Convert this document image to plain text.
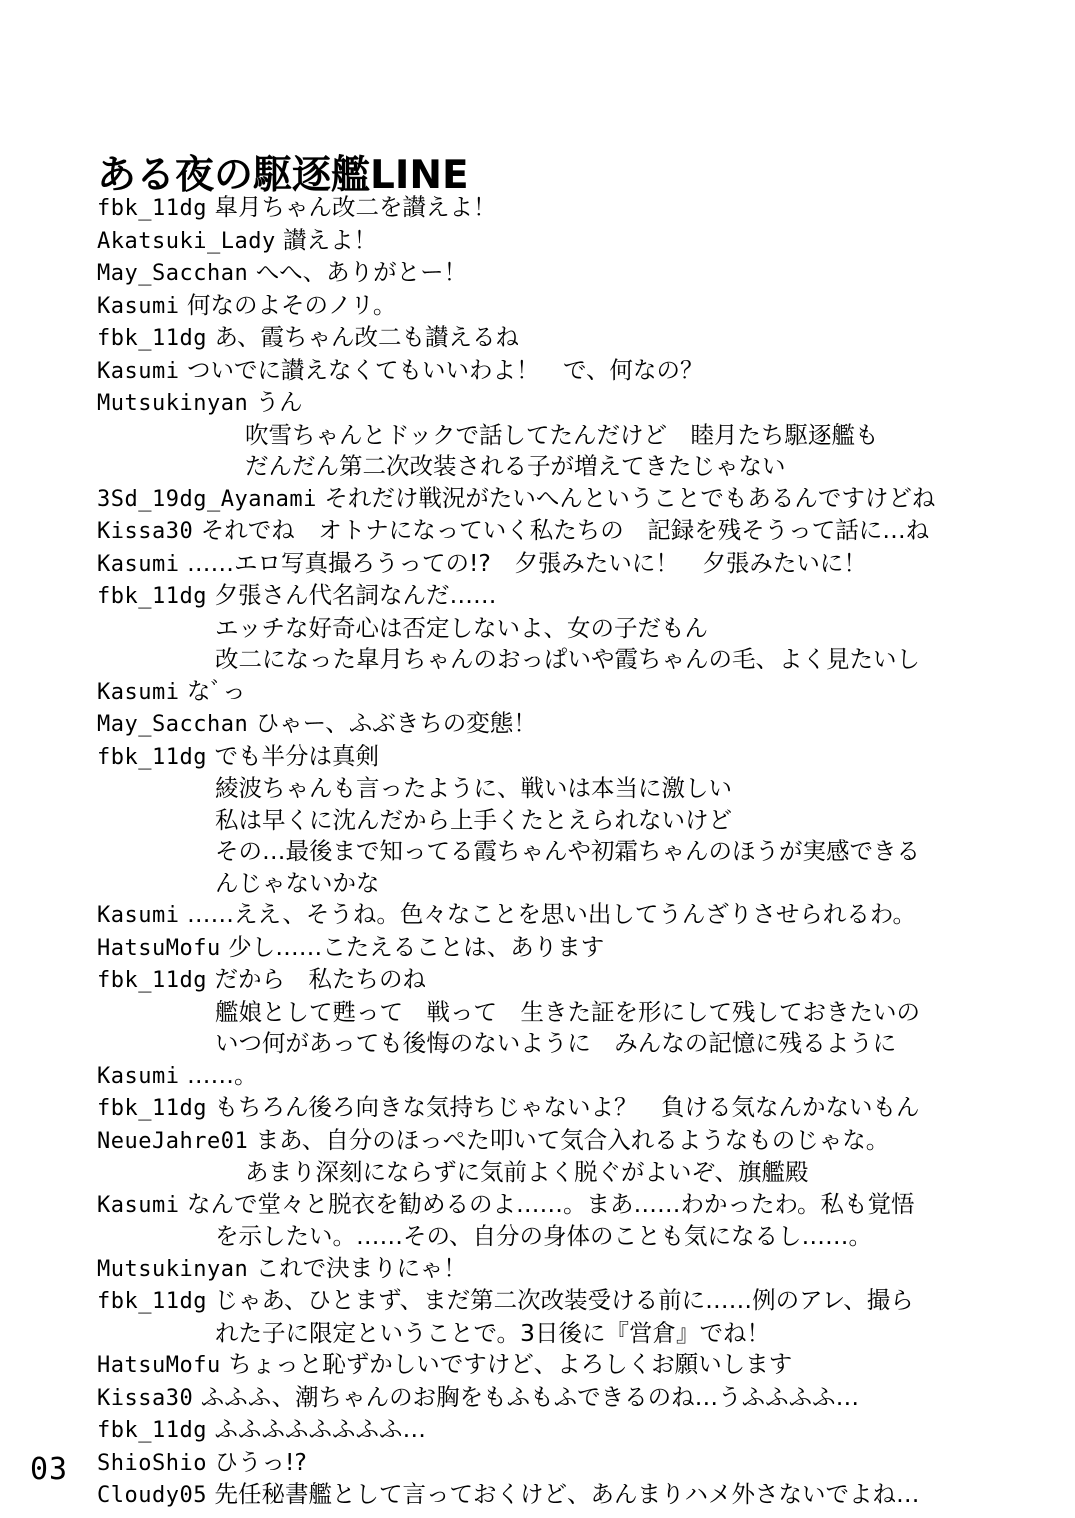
ある夜の駆逐艦LINE
fbk_11dg 皐月ちゃん改二を讃えよ！
Akatsuki_Lady 讃えよ！
May_Sacchan へへ、ありがとー！
Kasumi 何なのよそのノリ。
fbk_11dg あ、霞ちゃん改二も讃えるね
Kasumi ついでに讃えなくてもいいわよ！　で、何なの？
Mutsukinyan うん
吹雪ちゃんとドックで話してたんだけど　睦月たち駆逐艦も
だんだん第二次改装される子が増えてきたじゃない
3Sd_19dg_Ayanami それだけ戦況がたいへんということでもあるんですけどね
Kissa30 それでね　オトナになっていく私たちの　記録を残そうって話に…ね
Kasumi ……エロ写真撮ろうっての!?　夕張みたいに！　夕張みたいに！
fbk_11dg 夕張さん代名詞なんだ……
エッチな好奇心は否定しないよ、女の子だもん
改二になった皐月ちゃんのおっぱいや霞ちゃんの毛、よく見たいし
Kasumi なﾞっ
May_Sacchan ひゃー、ふぶきちの変態！
fbk_11dg でも半分は真剣
綾波ちゃんも言ったように、戦いは本当に激しい
私は早くに沈んだから上手くたとえられないけど
その…最後まで知ってる霞ちゃんや初霜ちゃんのほうが実感できる
んじゃないかな
Kasumi ……ええ、そうね。色々なことを思い出してうんざりさせられるわ。
HatsuMofu 少し……こたえることは、あります
fbk_11dg だから　私たちのね
艦娘として甦って　戦って　生きた証を形にして残しておきたいの
いつ何があっても後悔のないように　みんなの記憶に残るように
Kasumi ……。
fbk_11dg もちろん後ろ向きな気持ちじゃないよ？　負ける気なんかないもん
NeueJahre01 まあ、自分のほっぺた叩いて気合入れるようなものじゃな。
あまり深刻にならずに気前よく脱ぐがよいぞ、旗艦殿
Kasumi なんで堂々と脱衣を勧めるのよ……。まあ……わかったわ。私も覚悟
を示したい。……その、自分の身体のことも気になるし……。
Mutsukinyan これで決まりにゃ！
fbk_11dg じゃあ、ひとまず、まだ第二次改装受ける前に……例のアレ、撮ら
れた子に限定ということで。3日後に『営倉』でね！
HatsuMofu ちょっと恥ずかしいですけど、よろしくお願いします
Kissa30 ふふふ、潮ちゃんのお胸をもふもふできるのね…うふふふふ…
fbk_11dg ふふふふふふふふ…
ShioShio ひうっ!?
Cloudy05 先任秘書艦として言っておくけど、あんまりハメ外さないでよね…
03
